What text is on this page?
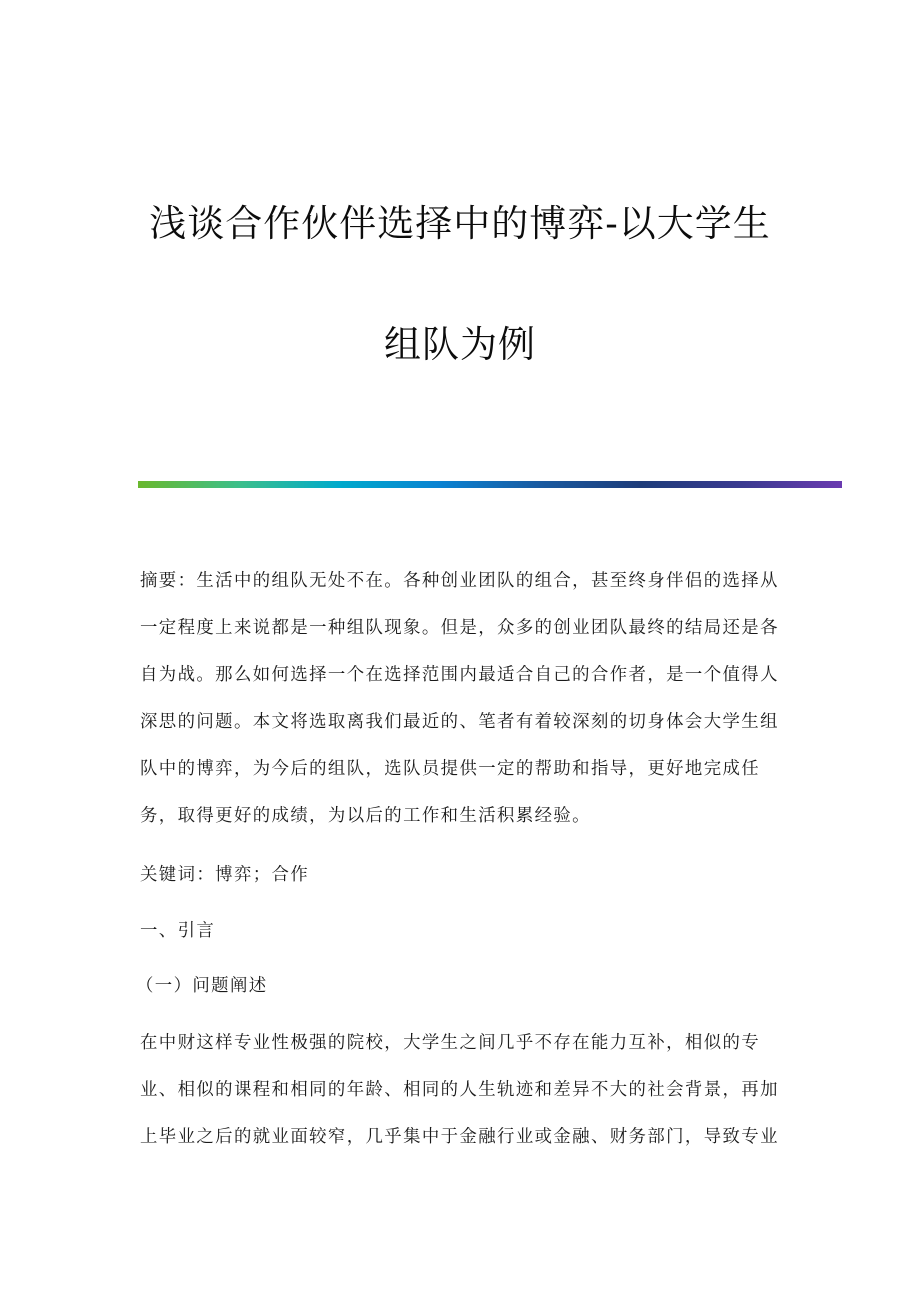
浅谈合作伙伴选择中的博弈-以大学生
组队为例

摘要：生活中的组队无处不在。各种创业团队的组合，甚至终身伴侣的选择从

一定程度上来说都是一种组队现象。但是，众多的创业团队最终的结局还是各

自为战。那么如何选择一个在选择范围内最适合自己的合作者，是一个值得人

深思的问题。本文将选取离我们最近的、笔者有着较深刻的切身体会大学生组

队中的博弈，为今后的组队，选队员提供一定的帮助和指导，更好地完成任

务，取得更好的成绩，为以后的工作和生活积累经验。

关键词：博弈；合作

一、引言

（一）问题阐述

在中财这样专业性极强的院校，大学生之间几乎不存在能力互补，相似的专

业、相似的课程和相同的年龄、相同的人生轨迹和差异不大的社会背景，再加

上毕业之后的就业面较窄，几乎集中于金融行业或金融、财务部门，导致专业
